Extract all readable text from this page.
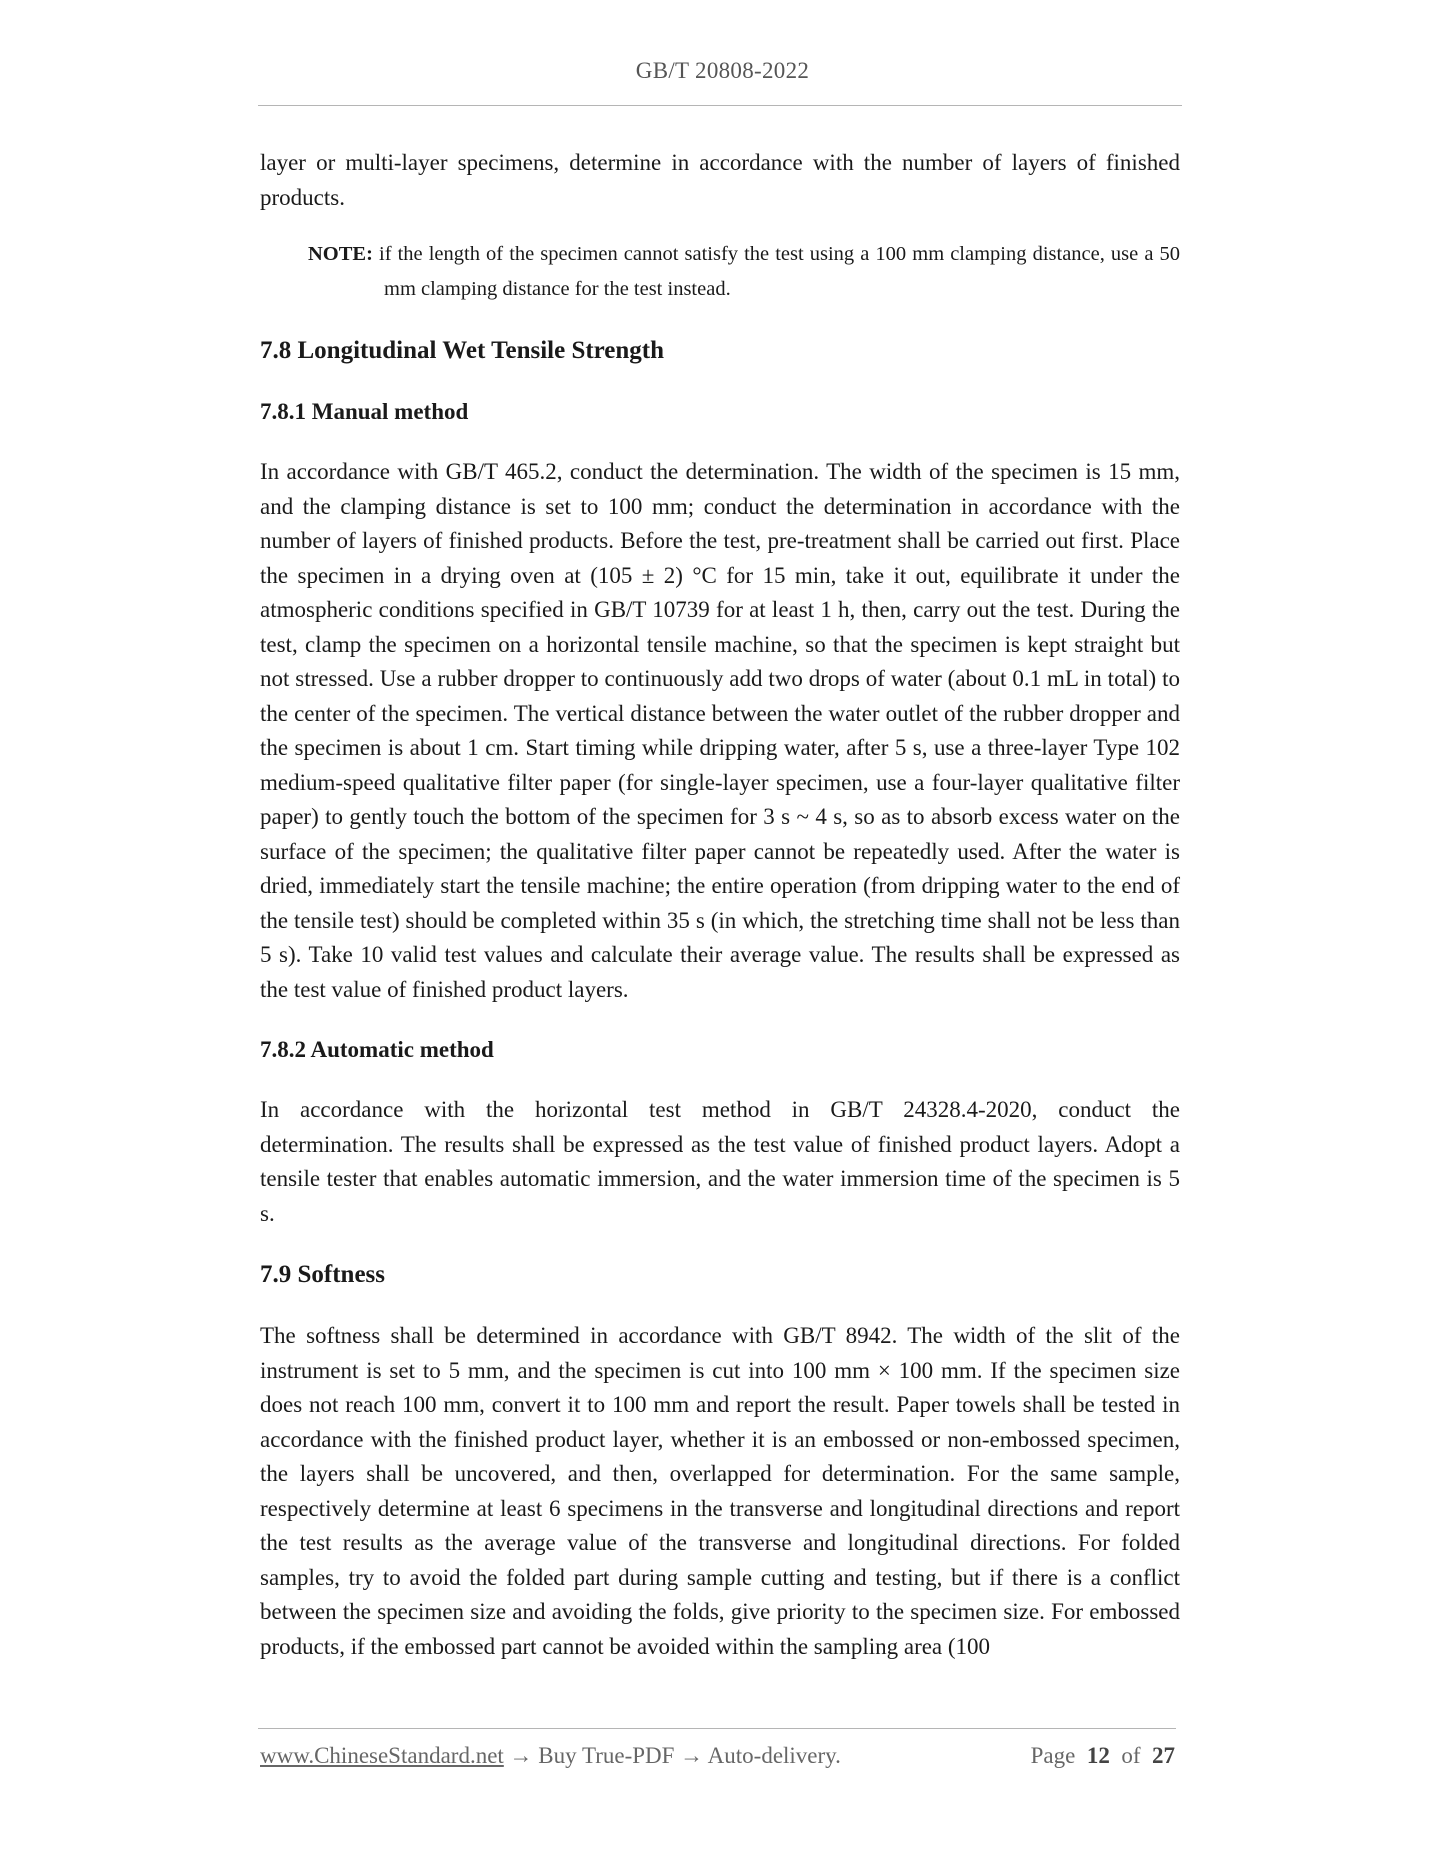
GB/T 20808-2022

layer or multi-layer specimens, determine in accordance with the number of layers of finished products.

NOTE: if the length of the specimen cannot satisfy the test using a 100 mm clamping distance, use a 50 mm clamping distance for the test instead.
7.8 Longitudinal Wet Tensile Strength
7.8.1 Manual method

In accordance with GB/T 465.2, conduct the determination. The width of the specimen is 15 mm, and the clamping distance is set to 100 mm; conduct the determination in accordance with the number of layers of finished products. Before the test, pre-treatment shall be carried out first. Place the specimen in a drying oven at (105 ± 2) °C for 15 min, take it out, equilibrate it under the atmospheric conditions specified in GB/T 10739 for at least 1 h, then, carry out the test. During the test, clamp the specimen on a horizontal tensile machine, so that the specimen is kept straight but not stressed. Use a rubber dropper to continuously add two drops of water (about 0.1 mL in total) to the center of the specimen. The vertical distance between the water outlet of the rubber dropper and the specimen is about 1 cm. Start timing while dripping water, after 5 s, use a three-layer Type 102 medium-speed qualitative filter paper (for single-layer specimen, use a four-layer qualitative filter paper) to gently touch the bottom of the specimen for 3 s ~ 4 s, so as to absorb excess water on the surface of the specimen; the qualitative filter paper cannot be repeatedly used. After the water is dried, immediately start the tensile machine; the entire operation (from dripping water to the end of the tensile test) should be completed within 35 s (in which, the stretching time shall not be less than 5 s). Take 10 valid test values and calculate their average value. The results shall be expressed as the test value of finished product layers.

7.8.2 Automatic method

In accordance with the horizontal test method in GB/T 24328.4-2020, conduct the

determination. The results shall be expressed as the test value of finished product layers. Adopt a tensile tester that enables automatic immersion, and the water immersion time of the specimen is 5 s.

7.9 Softness

The softness shall be determined in accordance with GB/T 8942. The width of the slit of the instrument is set to 5 mm, and the specimen is cut into 100 mm × 100 mm. If the specimen size does not reach 100 mm, convert it to 100 mm and report the result. Paper towels shall be tested in accordance with the finished product layer, whether it is an embossed or non-embossed specimen, the layers shall be uncovered, and then, overlapped for determination. For the same sample, respectively determine at least 6 specimens in the transverse and longitudinal directions and report the test results as the average value of the transverse and longitudinal directions. For folded samples, try to avoid the folded part during sample cutting and testing, but if there is a conflict between the specimen size and avoiding the folds, give priority to the specimen size. For embossed products, if the embossed part cannot be avoided within the sampling area (100

www.ChineseStandard.net → Buy True-PDF → Auto-delivery.	Page 12 of 27
